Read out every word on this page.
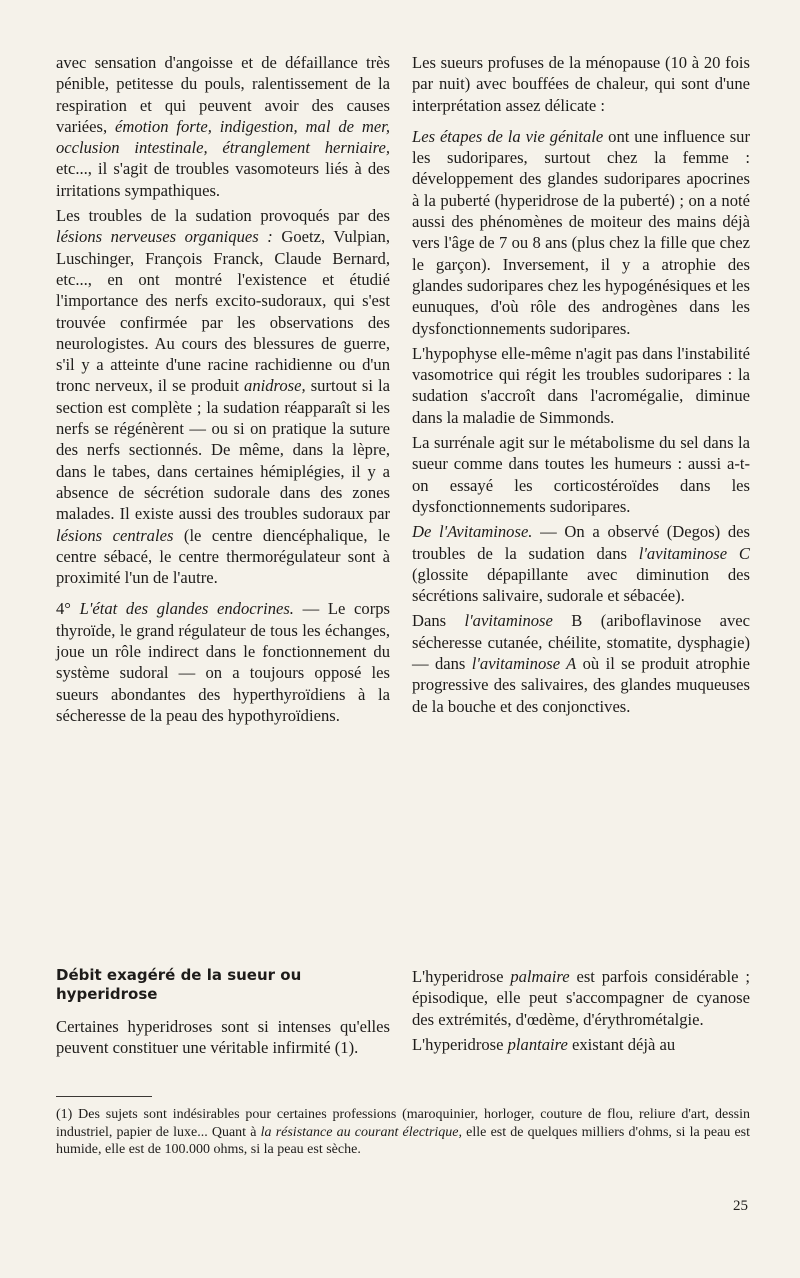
avec sensation d'angoisse et de défaillance très pénible, petitesse du pouls, ralentissement de la respiration et qui peuvent avoir des causes variées, émotion forte, indigestion, mal de mer, occlusion intestinale, étranglement herniaire, etc..., il s'agit de troubles vasomoteurs liés à des irritations sympathiques.

Les troubles de la sudation provoqués par des lésions nerveuses organiques : Goetz, Vulpian, Luschinger, François Franck, Claude Bernard, etc..., en ont montré l'existence et étudié l'importance des nerfs excito-sudoraux, qui s'est trouvée confirmée par les observations des neurologistes. Au cours des blessures de guerre, s'il y a atteinte d'une racine rachidienne ou d'un tronc nerveux, il se produit anidrose, surtout si la section est complète ; la sudation réapparaît si les nerfs se régénèrent — ou si on pratique la suture des nerfs sectionnés. De même, dans la lèpre, dans le tabes, dans certaines hémiplégies, il y a absence de sécrétion sudorale dans des zones malades. Il existe aussi des troubles sudoraux par lésions centrales (le centre diencéphalique, le centre sébacé, le centre thermorégulateur sont à proximité l'un de l'autre.

4° L'état des glandes endocrines. — Le corps thyroïde, le grand régulateur de tous les échanges, joue un rôle indirect dans le fonctionnement du système sudoral — on a toujours opposé les sueurs abondantes des hyperthyroïdiens à la sécheresse de la peau des hypothyroïdiens.

Débit exagéré de la sueur ou hyperidrose

Certaines hyperidroses sont si intenses qu'elles peuvent constituer une véritable infirmité (1).

Les sueurs profuses de la ménopause (10 à 20 fois par nuit) avec bouffées de chaleur, qui sont d'une interprétation assez délicate :

Les étapes de la vie génitale ont une influence sur les sudoripares, surtout chez la femme : développement des glandes sudoripares apocrines à la puberté (hyperidrose de la puberté) ; on a noté aussi des phénomènes de moiteur des mains déjà vers l'âge de 7 ou 8 ans (plus chez la fille que chez le garçon). Inversement, il y a atrophie des glandes sudoripares chez les hypogénésiques et les eunuques, d'où rôle des androgènes dans les dysfonctionnements sudoripares.

L'hypophyse elle-même n'agit pas dans l'instabilité vasomotrice qui régit les troubles sudoripares : la sudation s'accroît dans l'acromégalie, diminue dans la maladie de Simmonds.

La surrénale agit sur le métabolisme du sel dans la sueur comme dans toutes les humeurs : aussi a-t-on essayé les corticostéroïdes dans les dysfonctionnements sudoripares.

De l'Avitaminose. — On a observé (Degos) des troubles de la sudation dans l'avitaminose C (glossite dépapillante avec diminution des sécrétions salivaire, sudorale et sébacée).

Dans l'avitaminose B (ariboflavinose avec sécheresse cutanée, chéilite, stomatite, dysphagie) — dans l'avitaminose A où il se produit atrophie progressive des salivaires, des glandes muqueuses de la bouche et des conjonctives.

L'hyperidrose palmaire est parfois considérable ; épisodique, elle peut s'accompagner de cyanose des extrémités, d'œdème, d'érythrométalgie.

L'hyperidrose plantaire existant déjà au

(1) Des sujets sont indésirables pour certaines professions (maroquinier, horloger, couture de flou, reliure d'art, dessin industriel, papier de luxe... Quant à la résistance au courant électrique, elle est de quelques milliers d'ohms, si la peau est humide, elle est de 100.000 ohms, si la peau est sèche.

25
